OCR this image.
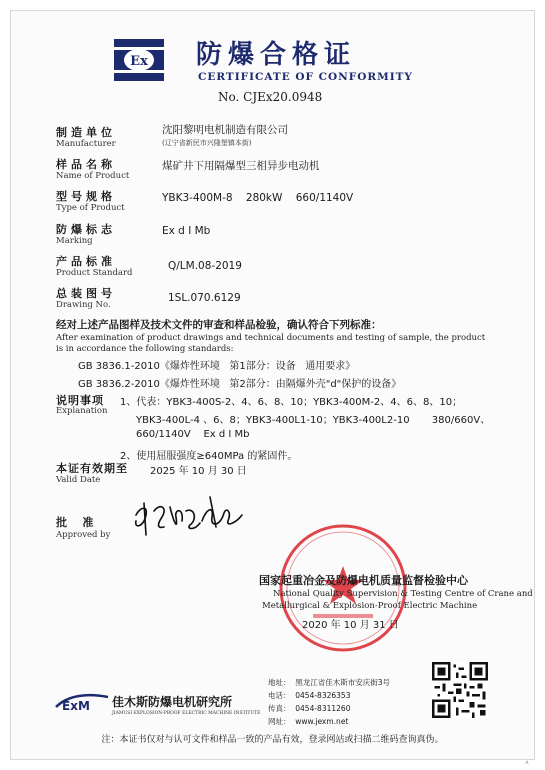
Ex 防爆合格证
CERTIFICATE OF CONFORMITY
No. CJEx20.0948
制造单位
Manufacturer
沈阳黎明电机制造有限公司
(辽宁省新民市兴隆堡镇本街)
样品名称
Name of Product
煤矿井下用隔爆型三相异步电动机
型号规格
Type of Product
YBK3-400M-8    280kW    660/1140V
防爆标志
Marking
Ex d I Mb
产品标准
Product Standard
Q/LM.08-2019
总装图号
Drawing No.
1SL.070.6129
经对上述产品图样及技术文件的审查和样品检验，确认符合下列标准：
After examination of product drawings and technical documents and testing of sample, the product
is in accordance the following standards:
GB 3836.1-2010《爆炸性环境   第1部分：设备   通用要求》
GB 3836.2-2010《爆炸性环境   第2部分：由隔爆外壳"d"保护的设备》
说明事项
Explanation
1、代表：YBK3-400S-2、4、6、8、10；YBK3-400M-2、4、6、8、10；
YBK3-400L-4 、6、8；YBK3-400L1-10；YBK3-400L2-10       380/660V、
660/1140V    Ex d I Mb
2、使用屈服强度≥640MPa 的紧固件。
本证有效期至
Valid Date
2025 年 10 月 30 日
批    准
Approved by
国家起重冶金及防爆电机质量监督检验中心
National Quality Supervision & Testing Centre of Crane and
Metallurgical & Explosion-Proof Electric Machine
2020 年 10 月 31 日
ExM 佳木斯防爆电机研究所
JIAMUSI EXPLOSION-PROOF ELECTRIC MACHINE INSTITUTE
地址：  黑龙江省佳木斯市安庆街3号
电话：  0454-8326353
传真：  0454-8311260
网址：  www.jexm.net
注：本证书仅对与认可文件和样品一致的产品有效，登录网站或扫描二维码查询真伪。
A
